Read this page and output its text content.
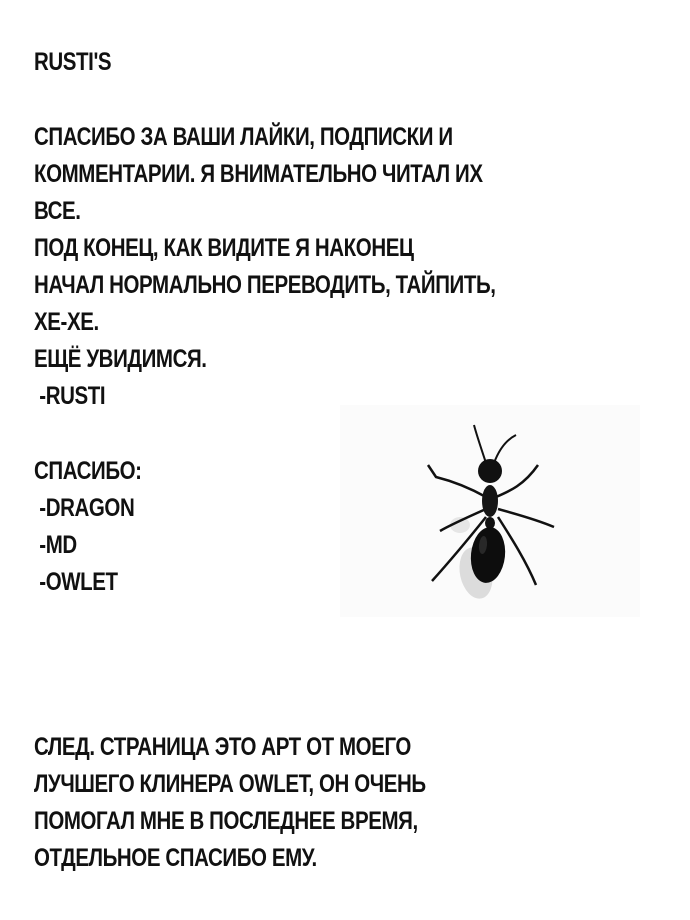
RUSTI'S
СПАСИБО ЗА ВАШИ ЛАЙКИ, ПОДПИСКИ И
КОММЕНТАРИИ. Я ВНИМАТЕЛЬНО ЧИТАЛ ИХ
ВСЕ.
ПОД КОНЕЦ, КАК ВИДИТЕ Я НАКОНЕЦ
НАЧАЛ НОРМАЛЬНО ПЕРЕВОДИТЬ, ТАЙПИТЬ,
ХЕ-ХЕ.
ЕЩЁ УВИДИМСЯ.
-RUSTI
СПАСИБО:
-DRAGON
-MD
-OWLET
СЛЕД. СТРАНИЦА ЭТО АРТ ОТ МОЕГО
ЛУЧШЕГО КЛИНЕРА OWLET, ОН ОЧЕНЬ
ПОМОГАЛ МНЕ В ПОСЛЕДНЕЕ ВРЕМЯ,
ОТДЕЛЬНОЕ СПАСИБО ЕМУ.
